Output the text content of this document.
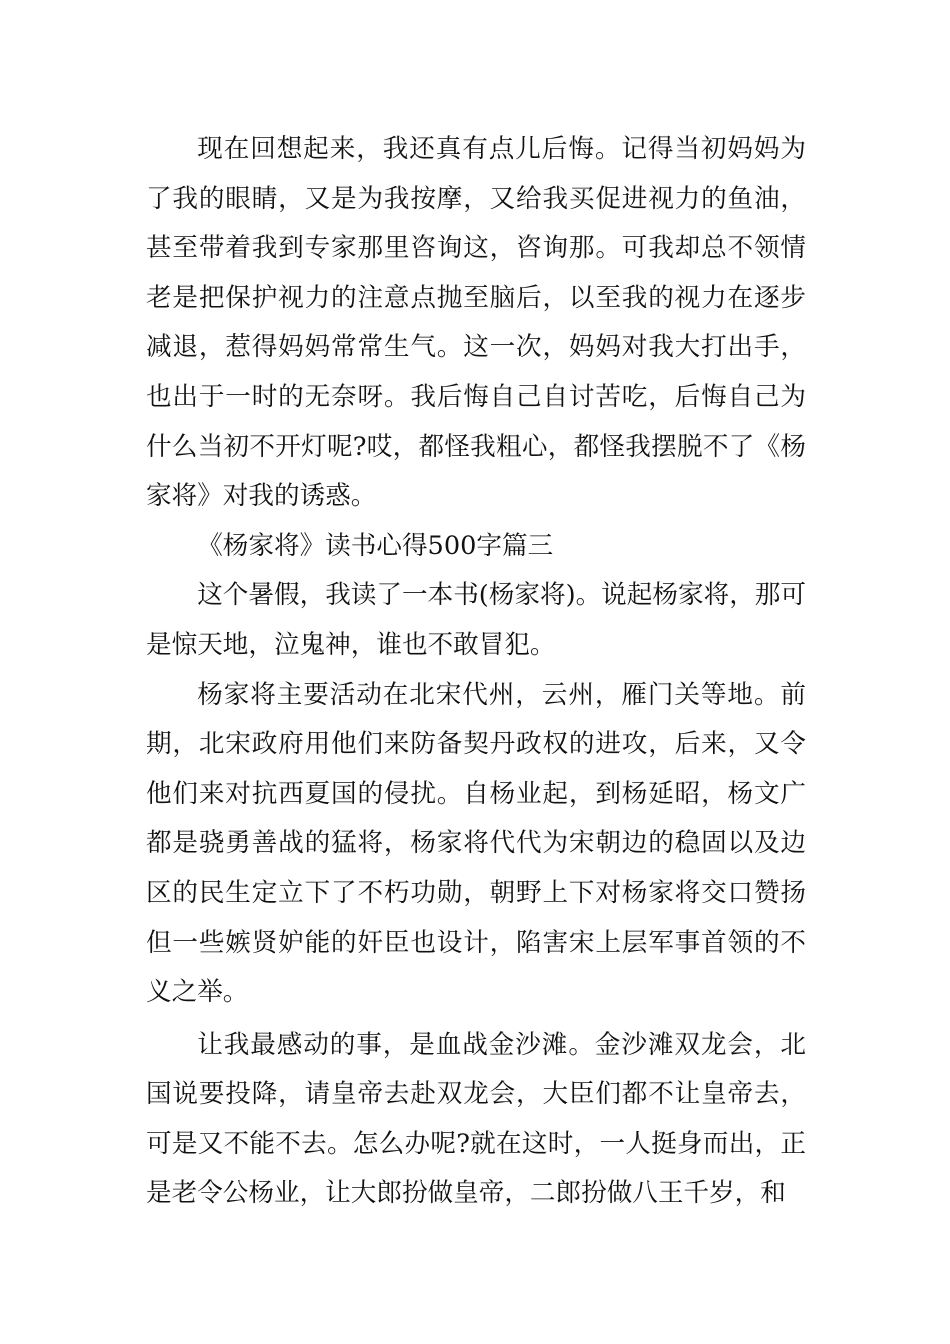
现在回想起来，我还真有点儿后悔。记得当初妈妈为了我的眼睛，又是为我按摩，又给我买促进视力的鱼油，甚至带着我到专家那里咨询这，咨询那。可我却总不领情老是把保护视力的注意点抛至脑后，以至我的视力在逐步减退，惹得妈妈常常生气。这一次，妈妈对我大打出手，也出于一时的无奈呀。我后悔自己自讨苦吃，后悔自己为什么当初不开灯呢?哎，都怪我粗心，都怪我摆脱不了《杨家将》对我的诱惑。

《杨家将》读书心得500字篇三

这个暑假，我读了一本书(杨家将)。说起杨家将，那可是惊天地，泣鬼神，谁也不敢冒犯。

杨家将主要活动在北宋代州，云州，雁门关等地。前期，北宋政府用他们来防备契丹政权的进攻，后来，又令他们来对抗西夏国的侵扰。自杨业起，到杨延昭，杨文广都是骁勇善战的猛将，杨家将代代为宋朝边的稳固以及边区的民生定立下了不朽功勋，朝野上下对杨家将交口赞扬但一些嫉贤妒能的奸臣也设计，陷害宋上层军事首领的不义之举。

让我最感动的事，是血战金沙滩。金沙滩双龙会，北国说要投降，请皇帝去赴双龙会，大臣们都不让皇帝去，可是又不能不去。怎么办呢?就在这时，一人挺身而出，正是老令公杨业，让大郎扮做皇帝，二郎扮做八王千岁，和
